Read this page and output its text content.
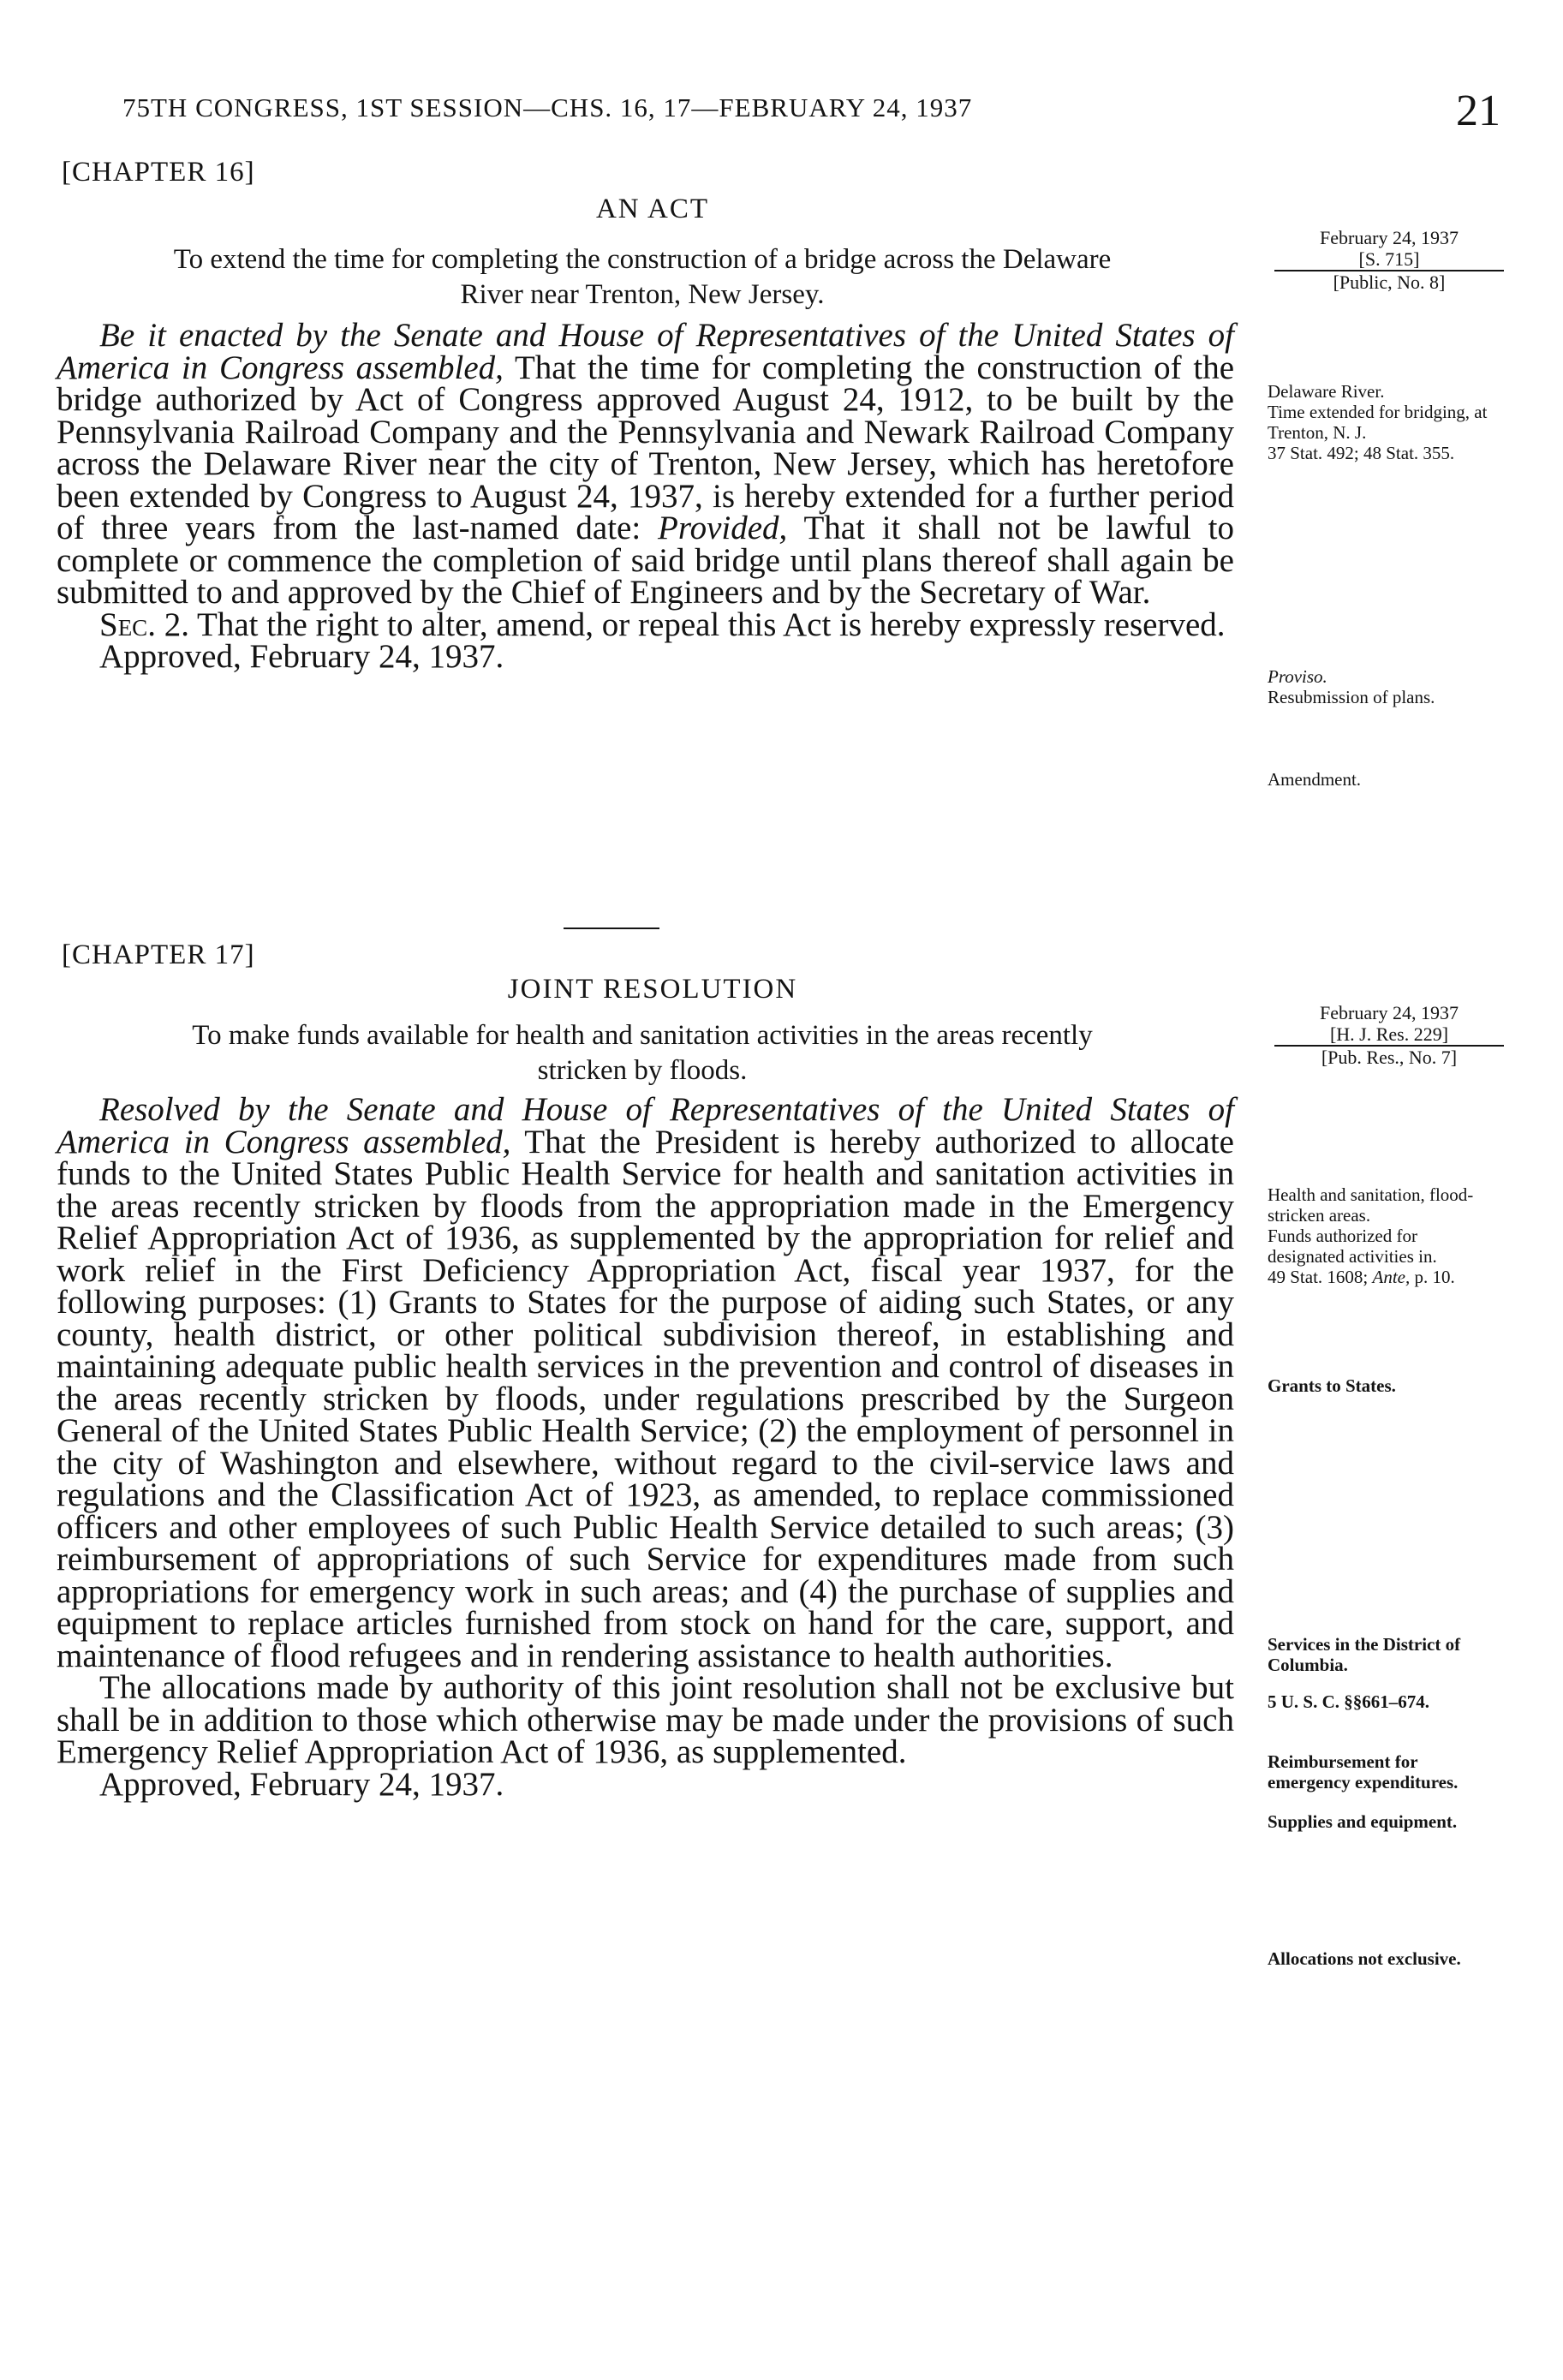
75TH CONGRESS, 1ST SESSION—CHS. 16, 17—FEBRUARY 24, 1937	21
[CHAPTER 16]
AN ACT
To extend the time for completing the construction of a bridge across the Delaware
River near Trenton, New Jersey.
February 24, 1937
[S. 715]
[Public, No. 8]

Be it enacted by the Senate and House of Representatives of the United States of America in Congress assembled, That the time for completing the construction of the bridge authorized by Act of Congress approved August 24, 1912, to be built by the Pennsylvania Railroad Company and the Pennsylvania and Newark Railroad Company across the Delaware River near the city of Trenton, New Jersey, which has heretofore been extended by Congress to August 24, 1937, is hereby extended for a further period of three years from the last-named date: Provided, That it shall not be lawful to complete or commence the completion of said bridge until plans thereof shall again be submitted to and approved by the Chief of Engineers and by the Secretary of War.

Sec. 2. That the right to alter, amend, or repeal this Act is hereby expressly reserved.

Approved, February 24, 1937.

Delaware River.
Time extended for bridging, at Trenton, N. J.
37 Stat. 492; 48 Stat. 355.
Proviso.
Resubmission of plans.
Amendment.
[CHAPTER 17]
JOINT RESOLUTION
To make funds available for health and sanitation activities in the areas recently
stricken by floods.
February 24, 1937
[H. J. Res. 229]
[Pub. Res., No. 7]

Resolved by the Senate and House of Representatives of the United States of America in Congress assembled, That the President is hereby authorized to allocate funds to the United States Public Health Service for health and sanitation activities in the areas recently stricken by floods from the appropriation made in the Emergency Relief Appropriation Act of 1936, as supplemented by the appropriation for relief and work relief in the First Deficiency Appropriation Act, fiscal year 1937, for the following purposes: (1) Grants to States for the purpose of aiding such States, or any county, health district, or other political subdivision thereof, in establishing and maintaining adequate public health services in the prevention and control of diseases in the areas recently stricken by floods, under regulations prescribed by the Surgeon General of the United States Public Health Service; (2) the employment of personnel in the city of Washington and elsewhere, without regard to the civil-service laws and regulations and the Classification Act of 1923, as amended, to replace commissioned officers and other employees of such Public Health Service detailed to such areas; (3) reimbursement of appropriations of such Service for expenditures made from such appropriations for emergency work in such areas; and (4) the purchase of supplies and equipment to replace articles furnished from stock on hand for the care, support, and maintenance of flood refugees and in rendering assistance to health authorities.

The allocations made by authority of this joint resolution shall not be exclusive but shall be in addition to those which otherwise may be made under the provisions of such Emergency Relief Appropriation Act of 1936, as supplemented.

Approved, February 24, 1937.

Health and sanitation, flood-stricken areas.
Funds authorized for designated activities in.
49 Stat. 1608; Ante, p. 10.
Grants to States.
Services in the District of Columbia.
5 U. S. C. §§661–674.
Reimbursement for emergency expenditures.
Supplies and equipment.
Allocations not exclusive.
